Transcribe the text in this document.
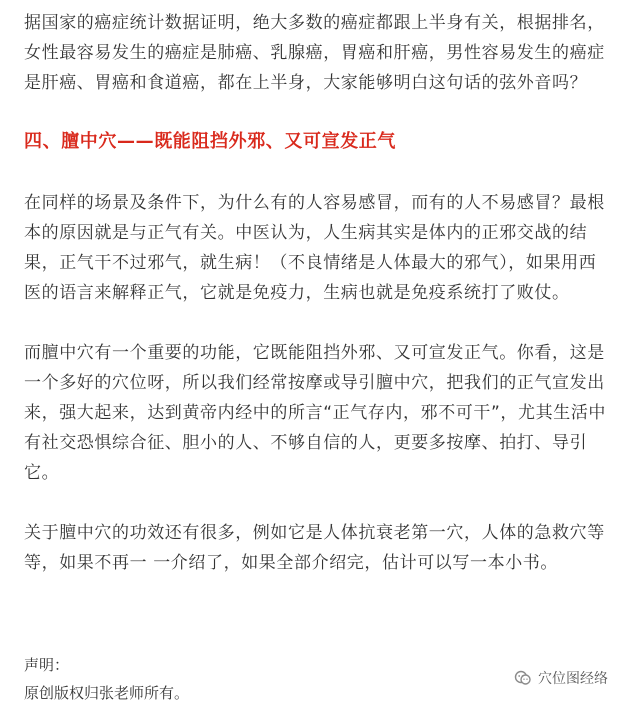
据国家的癌症统计数据证明，绝大多数的癌症都跟上半身有关，根据排名，女性最容易发生的癌症是肺癌、乳腺癌，胃癌和肝癌，男性容易发生的癌症是肝癌、胃癌和食道癌，都在上半身，大家能够明白这句话的弦外音吗？

四、膻中穴——既能阻挡外邪、又可宣发正气

在同样的场景及条件下，为什么有的人容易感冒，而有的人不易感冒？最根本的原因就是与正气有关。中医认为，人生病其实是体内的正邪交战的结果，正气干不过邪气，就生病！（不良情绪是人体最大的邪气），如果用西医的语言来解释正气，它就是免疫力，生病也就是免疫系统打了败仗。

而膻中穴有一个重要的功能，它既能阻挡外邪、又可宣发正气。你看，这是一个多好的穴位呀，所以我们经常按摩或导引膻中穴，把我们的正气宣发出来，强大起来，达到黄帝内经中的所言“正气存内，邪不可干”，尤其生活中有社交恐惧综合征、胆小的人、不够自信的人，更要多按摩、拍打、导引它。

关于膻中穴的功效还有很多，例如它是人体抗衰老第一穴，人体的急救穴等等，如果不再一 一介绍了，如果全部介绍完，估计可以写一本小书。

声明：

原创版权归张老师所有。

穴位图经络
